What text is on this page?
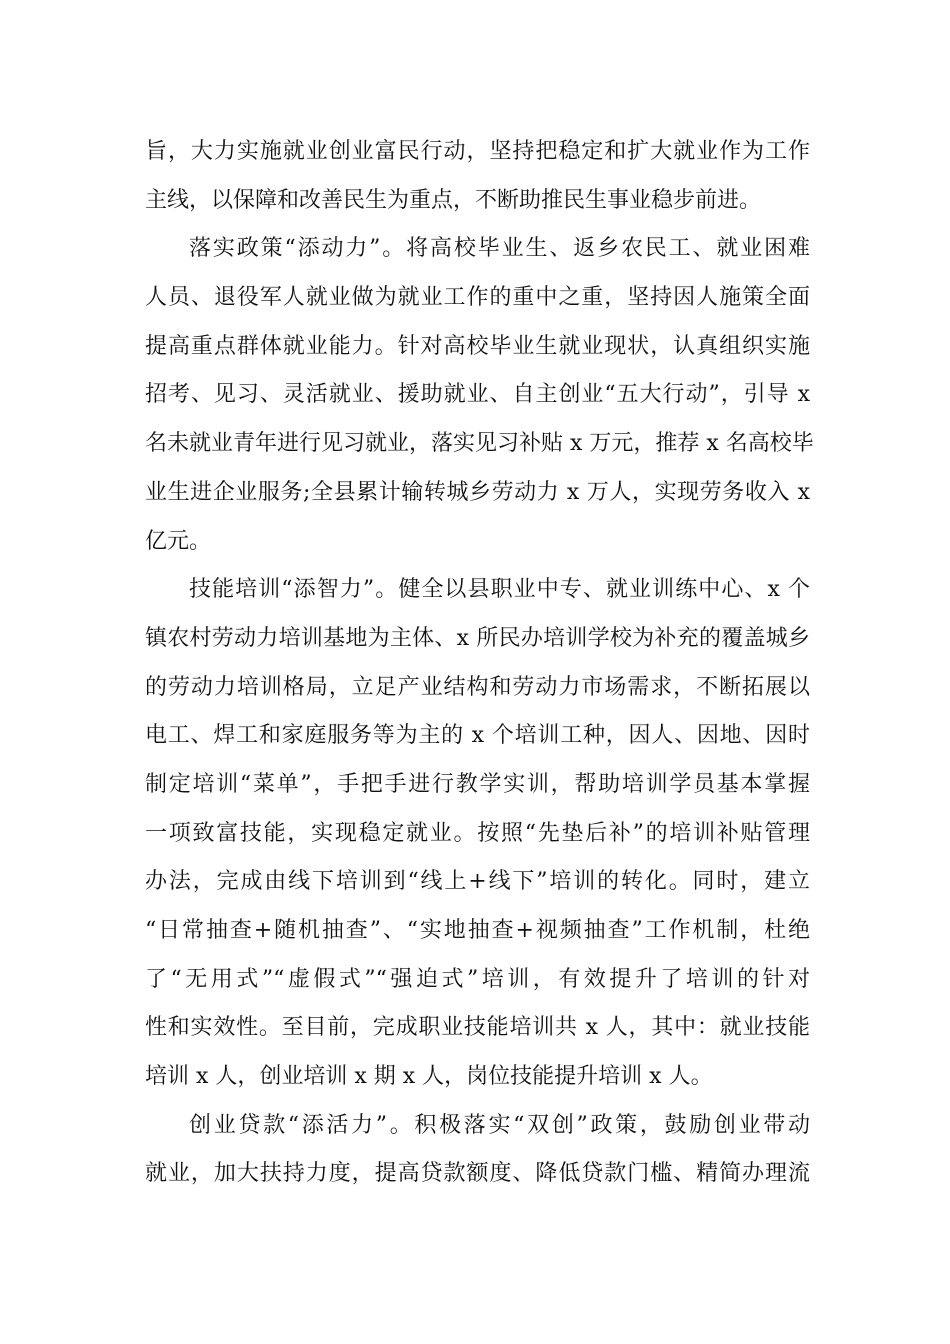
旨，大力实施就业创业富民行动，坚持把稳定和扩大就业作为工作
主线，以保障和改善民生为重点，不断助推民生事业稳步前进。
落实政策“添动力”。将高校毕业生、返乡农民工、就业困难
人员、退役军人就业做为就业工作的重中之重，坚持因人施策全面
提高重点群体就业能力。针对高校毕业生就业现状，认真组织实施
招考、见习、灵活就业、援助就业、自主创业“五大行动”，引导 x
名未就业青年进行见习就业，落实见习补贴 x 万元，推荐 x 名高校毕
业生进企业服务;全县累计输转城乡劳动力 x 万人，实现劳务收入 x
亿元。
技能培训“添智力”。健全以县职业中专、就业训练中心、x 个
镇农村劳动力培训基地为主体、x 所民办培训学校为补充的覆盖城乡
的劳动力培训格局，立足产业结构和劳动力市场需求，不断拓展以
电工、焊工和家庭服务等为主的 x 个培训工种，因人、因地、因时
制定培训“菜单”，手把手进行教学实训，帮助培训学员基本掌握
一项致富技能，实现稳定就业。按照“先垫后补”的培训补贴管理
办法，完成由线下培训到“线上+线下”培训的转化。同时，建立
“日常抽查+随机抽查”、“实地抽查+视频抽查”工作机制，杜绝
了“无用式”“虚假式”“强迫式”培训，有效提升了培训的针对
性和实效性。至目前，完成职业技能培训共 x 人，其中：就业技能
培训 x 人，创业培训 x 期 x 人，岗位技能提升培训 x 人。
创业贷款“添活力”。积极落实“双创”政策，鼓励创业带动
就业，加大扶持力度，提高贷款额度、降低贷款门槛、精简办理流
